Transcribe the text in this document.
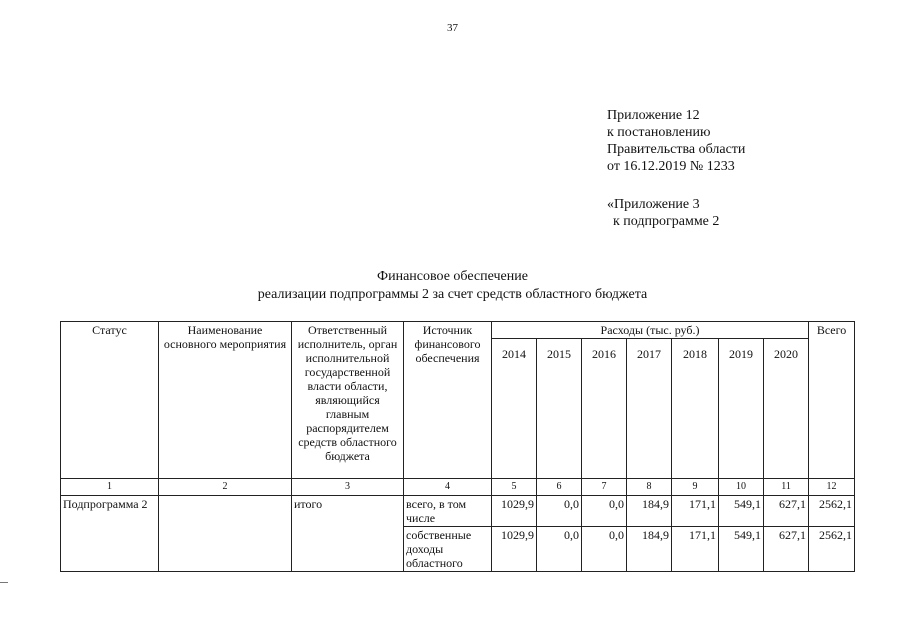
37
Приложение 12
к постановлению
Правительства области
от 16.12.2019 № 1233
«Приложение 3
к подпрограмме 2
Финансовое обеспечение
реализации подпрограммы 2 за счет средств областного бюджета
Статус	Наименование основного мероприятия	Ответственный исполнитель, орган исполнительной государственной власти области, являющийся главным распорядителем средств областного бюджета	Источник финансового обеспечения	Расходы (тыс. руб.)							Всего
				2014	2015	2016	2017	2018	2019	2020	
1	2	3	4	5	6	7	8	9	10	11	12
Подпрограмма 2		итого	всего, в том числе	1029,9	0,0	0,0	184,9	171,1	549,1	627,1	2562,1
			собственные доходы областного	1029,9	0,0	0,0	184,9	171,1	549,1	627,1	2562,1
